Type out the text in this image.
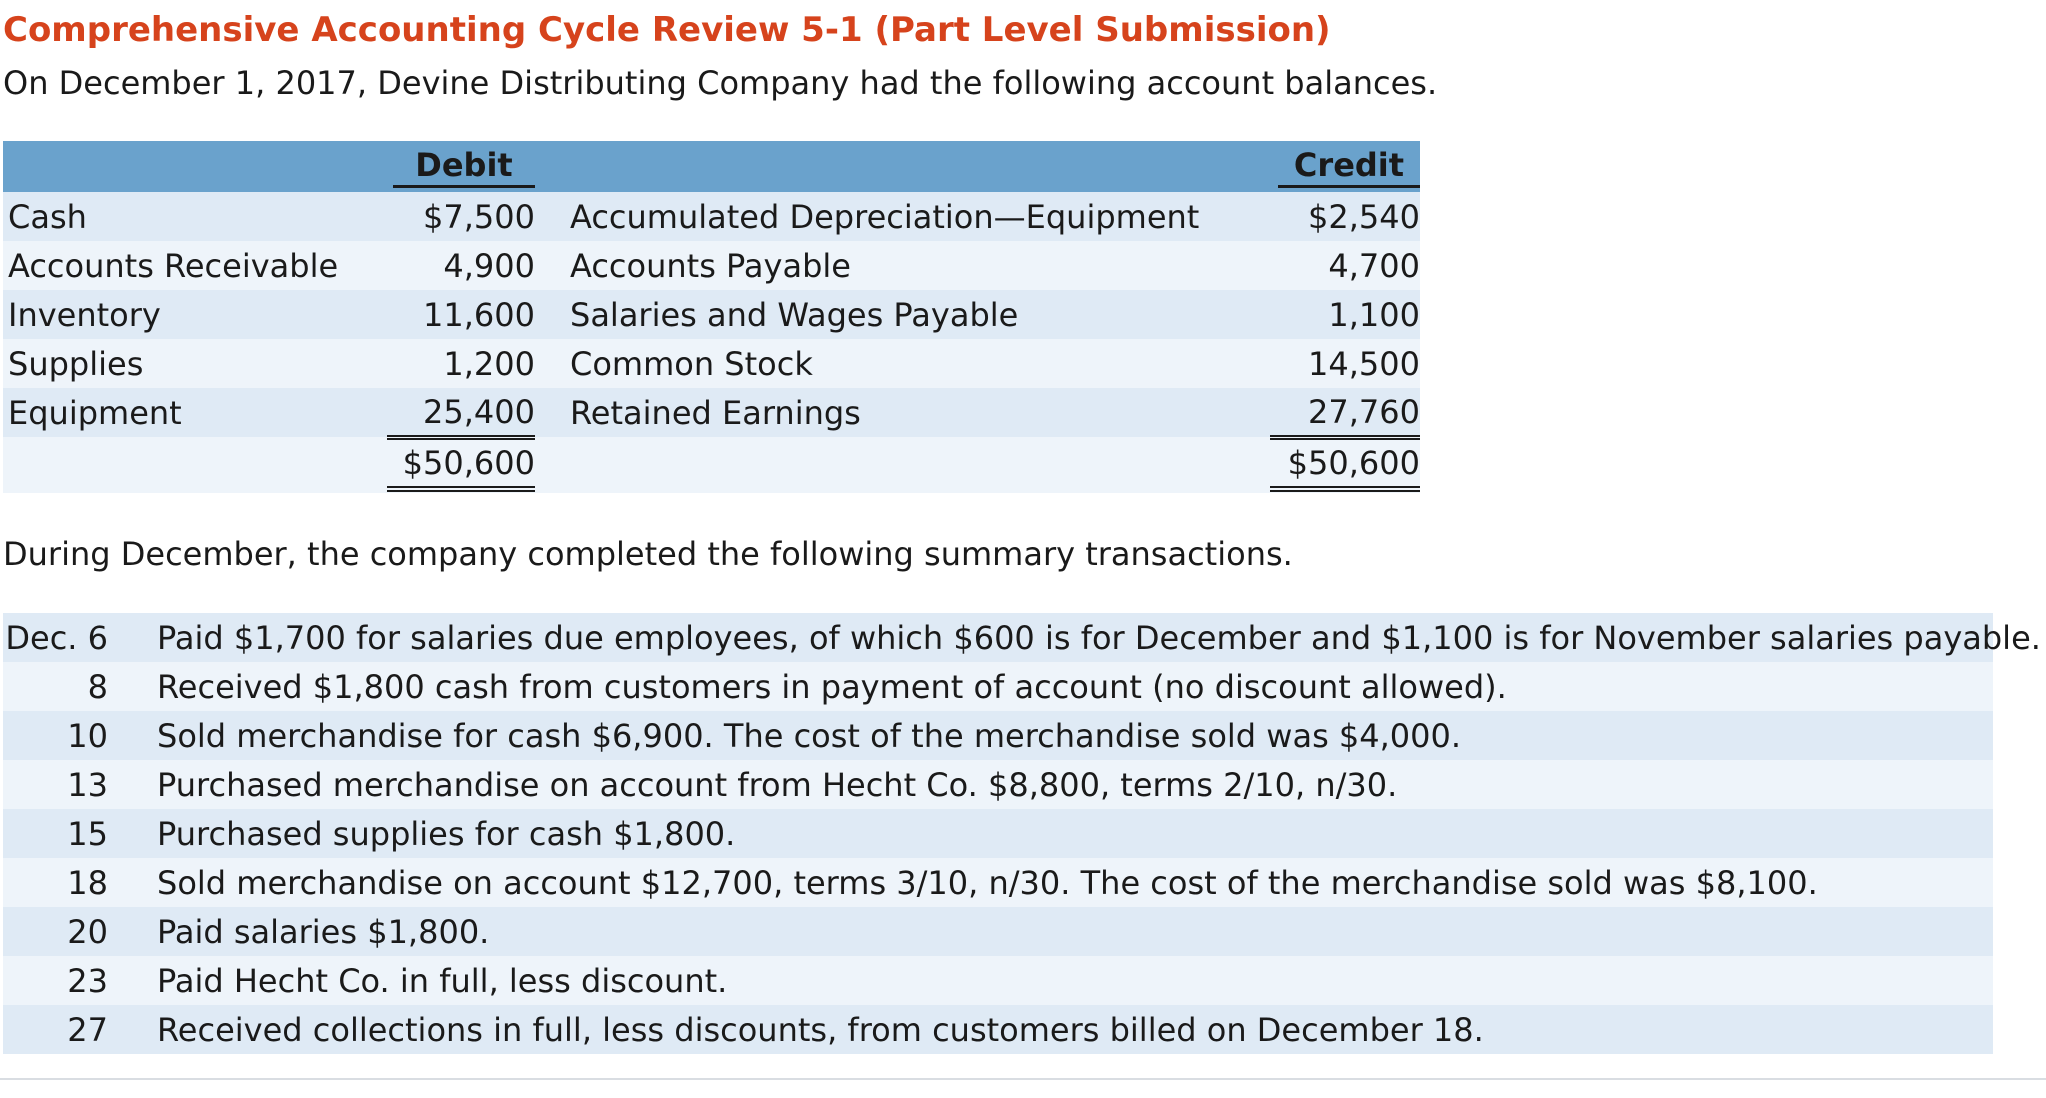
Comprehensive Accounting Cycle Review 5-1 (Part Level Submission)
On December 1, 2017, Devine Distributing Company had the following account balances.
	Debit			Credit
Cash	$7,500		Accumulated Depreciation—Equipment	$2,540
Accounts Receivable	4,900		Accounts Payable	4,700
Inventory	11,600		Salaries and Wages Payable	1,100
Supplies	1,200		Common Stock	14,500
Equipment	25,400		Retained Earnings	27,760
	$50,600			$50,600
During December, the company completed the following summary transactions.
Dec. 6	Paid $1,700 for salaries due employees, of which $600 is for December and $1,100 is for November salaries payable.
8	Received $1,800 cash from customers in payment of account (no discount allowed).
10	Sold merchandise for cash $6,900. The cost of the merchandise sold was $4,000.
13	Purchased merchandise on account from Hecht Co. $8,800, terms 2/10, n/30.
15	Purchased supplies for cash $1,800.
18	Sold merchandise on account $12,700, terms 3/10, n/30. The cost of the merchandise sold was $8,100.
20	Paid salaries $1,800.
23	Paid Hecht Co. in full, less discount.
27	Received collections in full, less discounts, from customers billed on December 18.
